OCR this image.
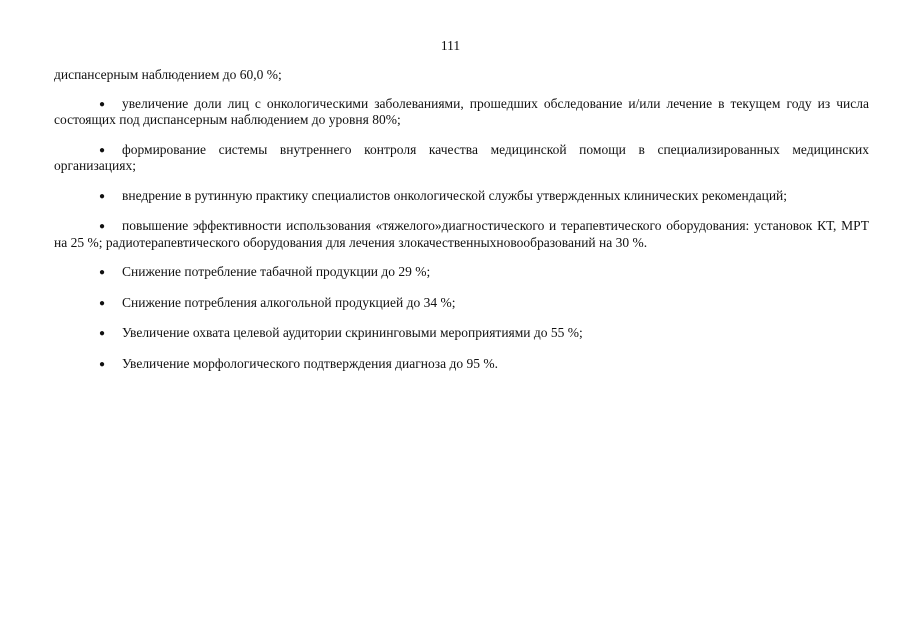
111

диспансерным наблюдением до 60,0 %;

● увеличение доли лиц с онкологическими заболеваниями, прошедших обследование и/или лечение в текущем году из числа состоящих под диспансерным наблюдением до уровня 80%;

● формирование системы внутреннего контроля качества медицинской помощи в специализированных медицинских организациях;

● внедрение в рутинную практику специалистов онкологической службы утвержденных клинических рекомендаций;

● повышение эффективности использования «тяжелого»диагностического и терапевтического оборудования: установок КТ, МРТ на 25 %; радиотерапевтического оборудования для лечения злокачественныхновообразований на 30 %.

● Снижение потребление табачной продукции до 29 %;

● Снижение потребления алкогольной продукцией до 34 %;

● Увеличение охвата целевой аудитории скрининговыми мероприятиями до 55 %;

● Увеличение морфологического подтверждения диагноза до 95 %.
